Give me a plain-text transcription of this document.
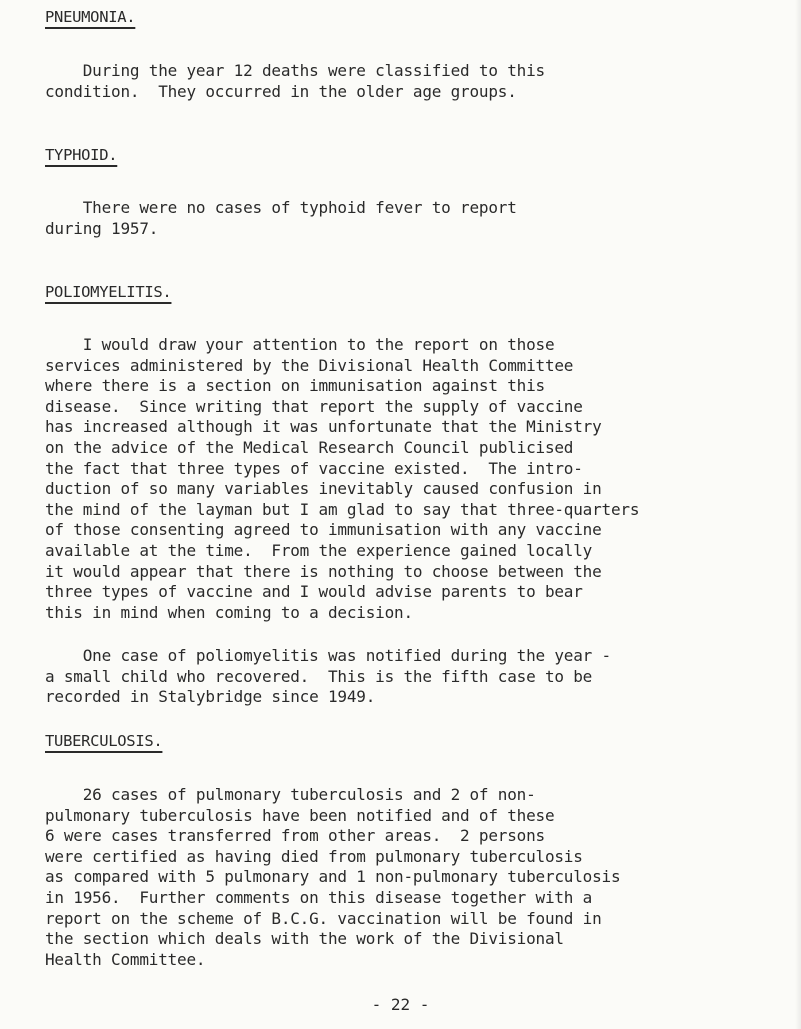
PNEUMONIA.

During the year 12 deaths were classified to this
condition.  They occurred in the older age groups.

TYPHOID.

There were no cases of typhoid fever to report
during 1957.

POLIOMYELITIS.

I would draw your attention to the report on those
services administered by the Divisional Health Committee
where there is a section on immunisation against this
disease.  Since writing that report the supply of vaccine
has increased although it was unfortunate that the Ministry
on the advice of the Medical Research Council publicised
the fact that three types of vaccine existed.  The intro-
duction of so many variables inevitably caused confusion in
the mind of the layman but I am glad to say that three-quarters
of those consenting agreed to immunisation with any vaccine
available at the time.  From the experience gained locally
it would appear that there is nothing to choose between the
three types of vaccine and I would advise parents to bear
this in mind when coming to a decision.

One case of poliomyelitis was notified during the year -
a small child who recovered.  This is the fifth case to be
recorded in Stalybridge since 1949.

TUBERCULOSIS.

26 cases of pulmonary tuberculosis and 2 of non-
pulmonary tuberculosis have been notified and of these
6 were cases transferred from other areas.  2 persons
were certified as having died from pulmonary tuberculosis
as compared with 5 pulmonary and 1 non-pulmonary tuberculosis
in 1956.  Further comments on this disease together with a
report on the scheme of B.C.G. vaccination will be found in
the section which deals with the work of the Divisional
Health Committee.

- 22 -
